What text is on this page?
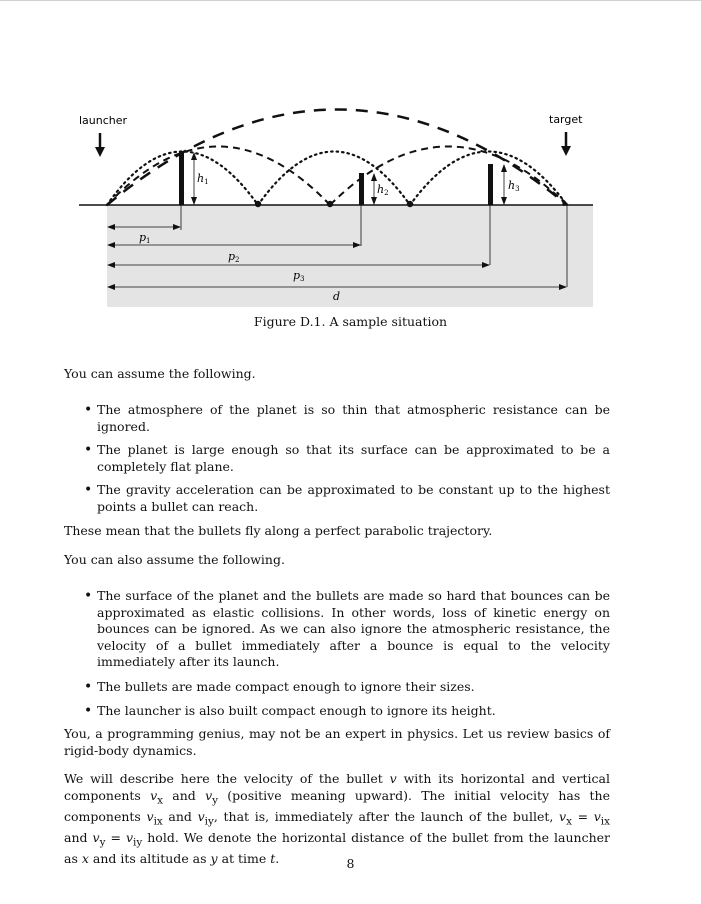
launcher	target
h1
h2
h3
p1
p2
p3
d
Figure D.1. A sample situation

You can assume the following.

• The atmosphere of the planet is so thin that atmospheric resistance can be ignored.
• The planet is large enough so that its surface can be approximated to be a completely flat plane.
• The gravity acceleration can be approximated to be constant up to the highest points a bullet can reach.

These mean that the bullets fly along a perfect parabolic trajectory.

You can also assume the following.

• The surface of the planet and the bullets are made so hard that bounces can be approximated as elastic collisions. In other words, loss of kinetic energy on bounces can be ignored. As we can also ignore the atmospheric resistance, the velocity of a bullet immediately after a bounce is equal to the velocity immediately after its launch.
• The bullets are made compact enough to ignore their sizes.
• The launcher is also built compact enough to ignore its height.

You, a programming genius, may not be an expert in physics. Let us review basics of rigid-body dynamics.

We will describe here the velocity of the bullet v with its horizontal and vertical components $v_x$ and $v_y$ (positive meaning upward). The initial velocity has the components $v_{ix}$ and $v_{iy}$, that is, immediately after the launch of the bullet, $v_x = v_{ix}$ and $v_y = v_{iy}$ hold. We denote the horizontal distance of the bullet from the launcher as x and its altitude as y at time t.	8
